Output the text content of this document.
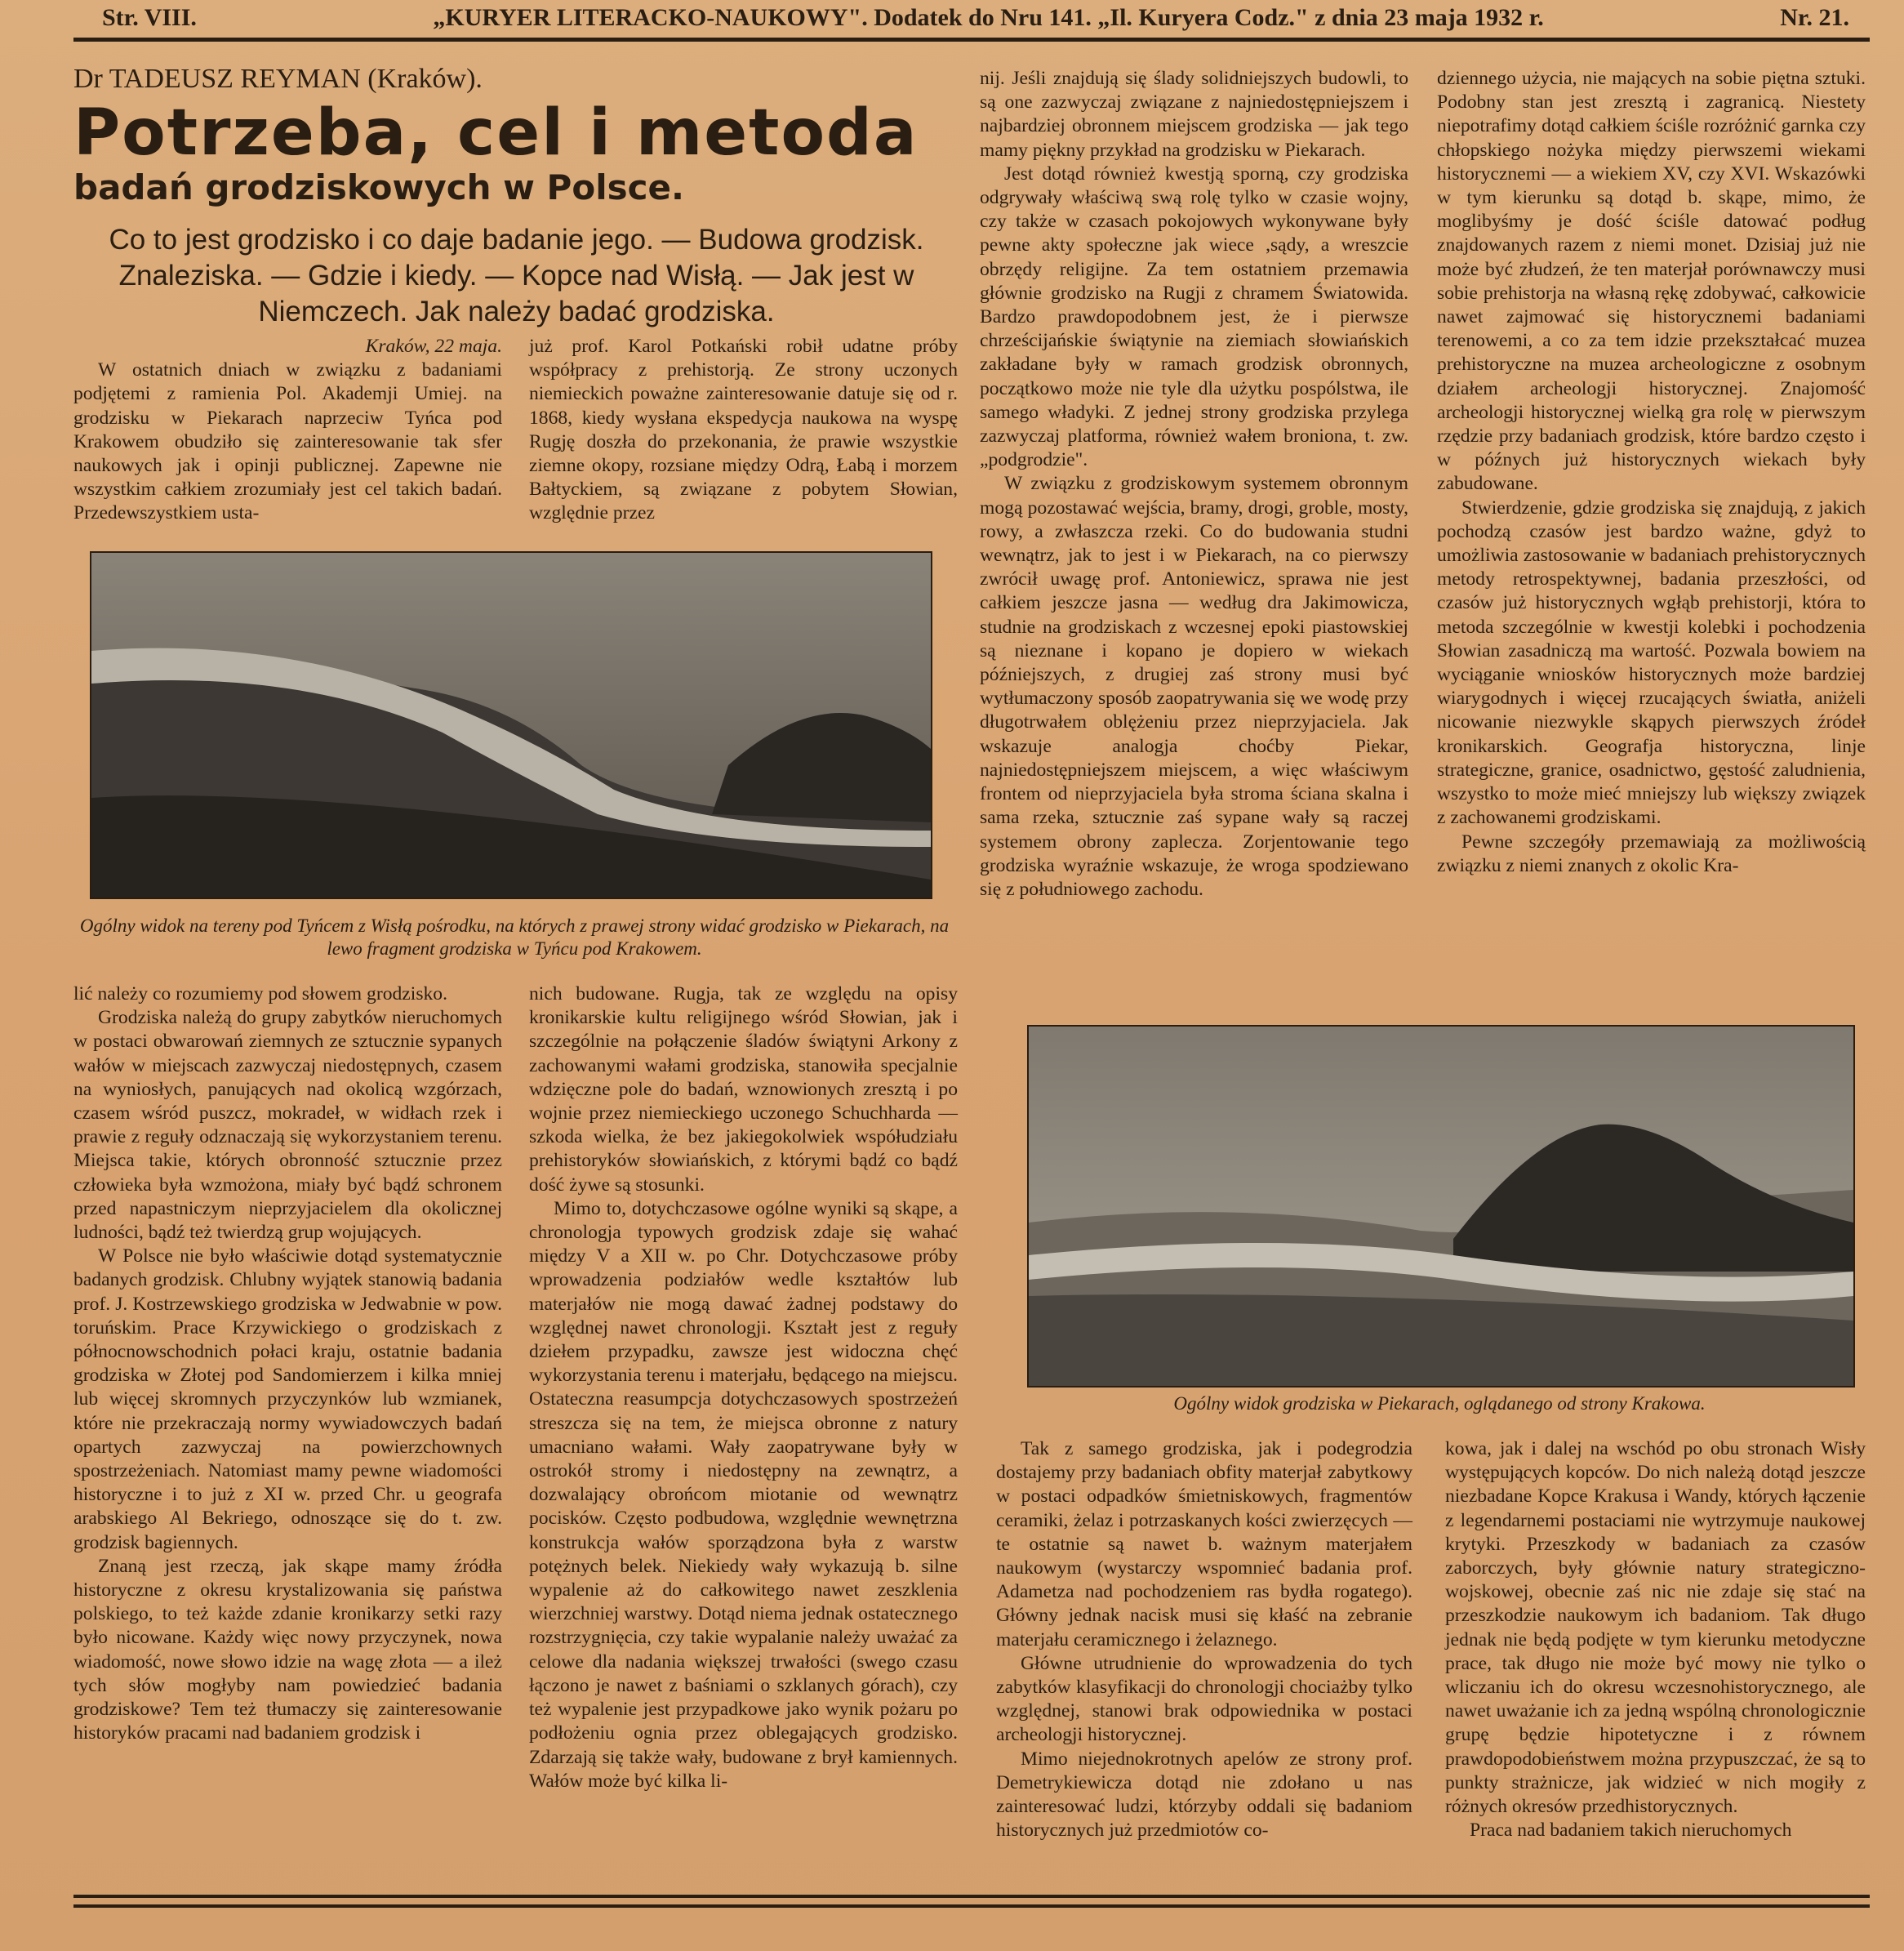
Str. VIII.	„KURYER LITERACKO-NAUKOWY". Dodatek do Nru 141. „Il. Kuryera Codz." z dnia 23 maja 1932 r.	Nr. 21.
Dr TADEUSZ REYMAN (Kraków).
Potrzeba, cel i metoda
badań grodziskowych w Polsce.
Co to jest grodzisko i co daje badanie jego. — Budowa grodzisk. Znaleziska. — Gdzie i kiedy. — Kopce nad Wisłą. — Jak jest w Niemczech. Jak należy badać grodziska.

Kraków, 22 maja.

W ostatnich dniach w związku z badaniami podjętemi z ramienia Pol. Akademji Umiej. na grodzisku w Piekarach naprzeciw Tyńca pod Krakowem obudziło się zainteresowanie tak sfer naukowych jak i opinji publicznej. Zapewne nie wszystkim całkiem zrozumiały jest cel takich badań. Przedewszystkiem usta-

już prof. Karol Potkański robił udatne próby współpracy z prehistorją. Ze strony uczonych niemieckich poważne zainteresowanie datuje się od r. 1868, kiedy wysłana ekspedycja naukowa na wyspę Rugję doszła do przekonania, że prawie wszystkie ziemne okopy, rozsiane między Odrą, Łabą i morzem Bałtyckiem, są związane z pobytem Słowian, względnie przez

Ogólny widok na tereny pod Tyńcem z Wisłą pośrodku, na których z prawej strony widać grodzisko w Piekarach, na lewo fragment grodziska w Tyńcu pod Krakowem.

lić należy co rozumiemy pod słowem grodzisko.

Grodziska należą do grupy zabytków nieruchomych w postaci obwarowań ziemnych ze sztucznie sypanych wałów w miejscach zazwyczaj niedostępnych, czasem na wyniosłych, panujących nad okolicą wzgórzach, czasem wśród puszcz, mokradeł, w widłach rzek i prawie z reguły odznaczają się wykorzystaniem terenu. Miejsca takie, których obronność sztucznie przez człowieka była wzmożona, miały być bądź schronem przed napastniczym nieprzyjacielem dla okolicznej ludności, bądź też twierdzą grup wojujących.

W Polsce nie było właściwie dotąd systematycznie badanych grodzisk. Chlubny wyjątek stanowią badania prof. J. Kostrzewskiego grodziska w Jedwabnie w pow. toruńskim. Prace Krzywickiego o grodziskach z północnowschodnich połaci kraju, ostatnie badania grodziska w Złotej pod Sandomierzem i kilka mniej lub więcej skromnych przyczynków lub wzmianek, które nie przekraczają normy wywiadowczych badań opartych zazwyczaj na powierzchownych spostrzeżeniach. Natomiast mamy pewne wiadomości historyczne i to już z XI w. przed Chr. u geografa arabskiego Al Bekriego, odnoszące się do t. zw. grodzisk bagiennych.

Znaną jest rzeczą, jak skąpe mamy źródła historyczne z okresu krystalizowania się państwa polskiego, to też każde zdanie kronikarzy setki razy było nicowane. Każdy więc nowy przyczynek, nowa wiadomość, nowe słowo idzie na wagę złota — a ileż tych słów mogłyby nam powiedzieć badania grodziskowe? Tem też tłumaczy się zainteresowanie historyków pracami nad badaniem grodzisk i

nich budowane. Rugja, tak ze względu na opisy kronikarskie kultu religijnego wśród Słowian, jak i szczególnie na połączenie śladów świątyni Arkony z zachowanymi wałami grodziska, stanowiła specjalnie wdzięczne pole do badań, wznowionych zresztą i po wojnie przez niemieckiego uczonego Schuchharda — szkoda wielka, że bez jakiegokolwiek współudziału prehistoryków słowiańskich, z którymi bądź co bądź dość żywe są stosunki.

Mimo to, dotychczasowe ogólne wyniki są skąpe, a chronologja typowych grodzisk zdaje się wahać między V a XII w. po Chr. Dotychczasowe próby wprowadzenia podziałów wedle kształtów lub materjałów nie mogą dawać żadnej podstawy do względnej nawet chronologji. Kształt jest z reguły dziełem przypadku, zawsze jest widoczna chęć wykorzystania terenu i materjału, będącego na miejscu. Ostateczna reasumpcja dotychczasowych spostrzeżeń streszcza się na tem, że miejsca obronne z natury umacniano wałami. Wały zaopatrywane były w ostrokół stromy i niedostępny na zewnątrz, a dozwalający obrońcom miotanie od wewnątrz pocisków. Często podbudowa, względnie wewnętrzna konstrukcja wałów sporządzona była z warstw potężnych belek. Niekiedy wały wykazują b. silne wypalenie aż do całkowitego nawet zeszklenia wierzchniej warstwy. Dotąd niema jednak ostatecznego rozstrzygnięcia, czy takie wypalanie należy uważać za celowe dla nadania większej trwałości (swego czasu łączono je nawet z baśniami o szklanych górach), czy też wypalenie jest przypadkowe jako wynik pożaru po podłożeniu ognia przez oblegających grodzisko. Zdarzają się także wały, budowane z brył kamiennych. Wałów może być kilka li-

nij. Jeśli znajdują się ślady solidniejszych budowli, to są one zazwyczaj związane z najniedostępniejszem i najbardziej obronnem miejscem grodziska — jak tego mamy piękny przykład na grodzisku w Piekarach.

Jest dotąd również kwestją sporną, czy grodziska odgrywały właściwą swą rolę tylko w czasie wojny, czy także w czasach pokojowych wykonywane były pewne akty społeczne jak wiece ,sądy, a wreszcie obrzędy religijne. Za tem ostatniem przemawia głównie grodzisko na Rugji z chramem Światowida. Bardzo prawdopodobnem jest, że i pierwsze chrześcijańskie świątynie na ziemiach słowiańskich zakładane były w ramach grodzisk obronnych, początkowo może nie tyle dla użytku pospólstwa, ile samego władyki. Z jednej strony grodziska przylega zazwyczaj platforma, również wałem broniona, t. zw. „podgrodzie".

W związku z grodziskowym systemem obronnym mogą pozostawać wejścia, bramy, drogi, groble, mosty, rowy, a zwłaszcza rzeki. Co do budowania studni wewnątrz, jak to jest i w Piekarach, na co pierwszy zwrócił uwagę prof. Antoniewicz, sprawa nie jest całkiem jeszcze jasna — według dra Jakimowicza, studnie na grodziskach z wczesnej epoki piastowskiej są nieznane i kopano je dopiero w wiekach późniejszych, z drugiej zaś strony musi być wytłumaczony sposób zaopatrywania się we wodę przy długotrwałem oblężeniu przez nieprzyjaciela. Jak wskazuje analogja choćby Piekar, najniedostępniejszem miejscem, a więc właściwym frontem od nieprzyjaciela była stroma ściana skalna i sama rzeka, sztucznie zaś sypane wały są raczej systemem obrony zaplecza. Zorjentowanie tego grodziska wyraźnie wskazuje, że wroga spodziewano się z południowego zachodu.

dziennego użycia, nie mających na sobie piętna sztuki. Podobny stan jest zresztą i zagranicą. Niestety niepotrafimy dotąd całkiem ściśle rozróżnić garnka czy chłopskiego nożyka między pierwszemi wiekami historycznemi — a wiekiem XV, czy XVI. Wskazówki w tym kierunku są dotąd b. skąpe, mimo, że moglibyśmy je dość ściśle datować podług znajdowanych razem z niemi monet. Dzisiaj już nie może być złudzeń, że ten materjał porównawczy musi sobie prehistorja na własną rękę zdobywać, całkowicie nawet zajmować się historycznemi badaniami terenowemi, a co za tem idzie przekształcać muzea prehistoryczne na muzea archeologiczne z osobnym działem archeologji historycznej. Znajomość archeologji historycznej wielką gra rolę w pierwszym rzędzie przy badaniach grodzisk, które bardzo często i w późnych już historycznych wiekach były zabudowane.

Stwierdzenie, gdzie grodziska się znajdują, z jakich pochodzą czasów jest bardzo ważne, gdyż to umożliwia zastosowanie w badaniach prehistorycznych metody retrospektywnej, badania przeszłości, od czasów już historycznych wgłąb prehistorji, która to metoda szczególnie w kwestji kolebki i pochodzenia Słowian zasadniczą ma wartość. Pozwala bowiem na wyciąganie wniosków historycznych może bardziej wiarygodnych i więcej rzucających światła, aniżeli nicowanie niezwykle skąpych pierwszych źródeł kronikarskich. Geografja historyczna, linje strategiczne, granice, osadnictwo, gęstość zaludnienia, wszystko to może mieć mniejszy lub większy związek z zachowanemi grodziskami.

Pewne szczegóły przemawiają za możliwością związku z niemi znanych z okolic Kra-

Ogólny widok grodziska w Piekarach, oglądanego od strony Krakowa.

Tak z samego grodziska, jak i podegrodzia dostajemy przy badaniach obfity materjał zabytkowy w postaci odpadków śmietniskowych, fragmentów ceramiki, żelaz i potrzaskanych kości zwierzęcych — te ostatnie są nawet b. ważnym materjałem naukowym (wystarczy wspomnieć badania prof. Adametza nad pochodzeniem ras bydła rogatego). Główny jednak nacisk musi się kłaść na zebranie materjału ceramicznego i żelaznego.

Główne utrudnienie do wprowadzenia do tych zabytków klasyfikacji do chronologji chociażby tylko względnej, stanowi brak odpowiednika w postaci archeologji historycznej.

Mimo niejednokrotnych apelów ze strony prof. Demetrykiewicza dotąd nie zdołano u nas zainteresować ludzi, którzyby oddali się badaniom historycznych już przedmiotów co-

kowa, jak i dalej na wschód po obu stronach Wisły występujących kopców. Do nich należą dotąd jeszcze niezbadane Kopce Krakusa i Wandy, których łączenie z legendarnemi postaciami nie wytrzymuje naukowej krytyki. Przeszkody w badaniach za czasów zaborczych, były głównie natury strategiczno-wojskowej, obecnie zaś nic nie zdaje się stać na przeszkodzie naukowym ich badaniom. Tak długo jednak nie będą podjęte w tym kierunku metodyczne prace, tak długo nie może być mowy nie tylko o wliczaniu ich do okresu wczesnohistorycznego, ale nawet uważanie ich za jedną wspólną chronologicznie grupę będzie hipotetyczne i z równem prawdopodobieństwem można przypuszczać, że są to punkty strażnicze, jak widzieć w nich mogiły z różnych okresów przedhistorycznych.

Praca nad badaniem takich nieruchomych
